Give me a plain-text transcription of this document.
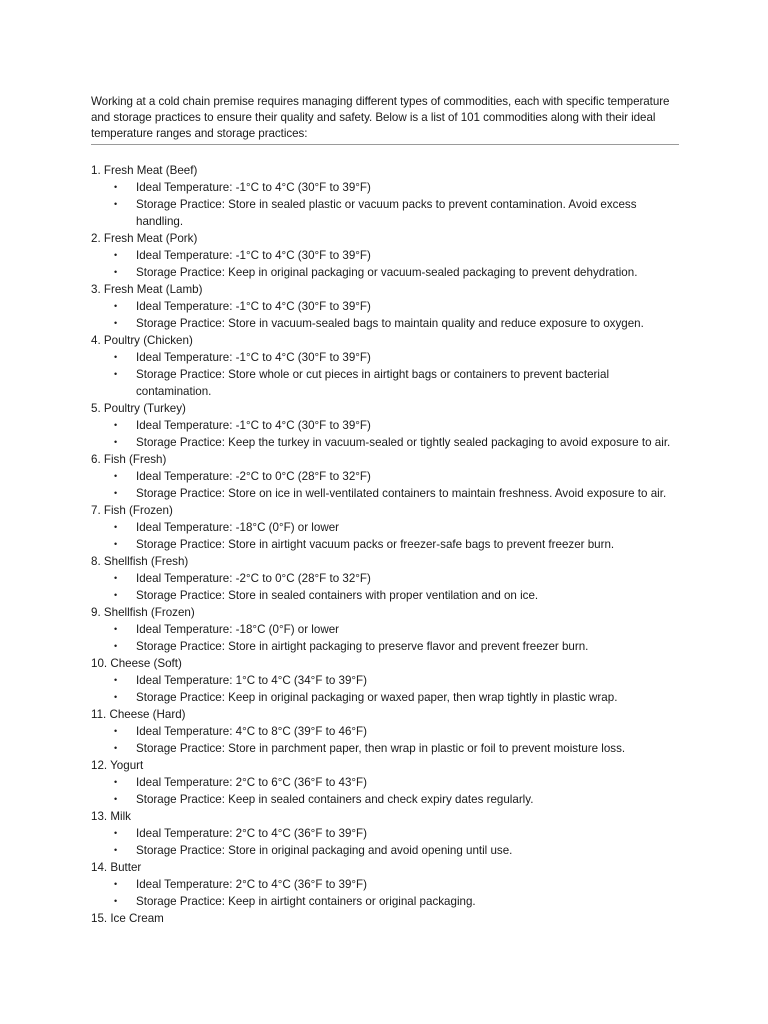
Working at a cold chain premise requires managing different types of commodities, each with specific temperature and storage practices to ensure their quality and safety. Below is a list of 101 commodities along with their ideal temperature ranges and storage practices:

1. Fresh Meat (Beef)
• Ideal Temperature: -1°C to 4°C (30°F to 39°F)
• Storage Practice: Store in sealed plastic or vacuum packs to prevent contamination. Avoid excess handling.
2. Fresh Meat (Pork)
• Ideal Temperature: -1°C to 4°C (30°F to 39°F)
• Storage Practice: Keep in original packaging or vacuum-sealed packaging to prevent dehydration.
3. Fresh Meat (Lamb)
• Ideal Temperature: -1°C to 4°C (30°F to 39°F)
• Storage Practice: Store in vacuum-sealed bags to maintain quality and reduce exposure to oxygen.
4. Poultry (Chicken)
• Ideal Temperature: -1°C to 4°C (30°F to 39°F)
• Storage Practice: Store whole or cut pieces in airtight bags or containers to prevent bacterial contamination.
5. Poultry (Turkey)
• Ideal Temperature: -1°C to 4°C (30°F to 39°F)
• Storage Practice: Keep the turkey in vacuum-sealed or tightly sealed packaging to avoid exposure to air.
6. Fish (Fresh)
• Ideal Temperature: -2°C to 0°C (28°F to 32°F)
• Storage Practice: Store on ice in well-ventilated containers to maintain freshness. Avoid exposure to air.
7. Fish (Frozen)
• Ideal Temperature: -18°C (0°F) or lower
• Storage Practice: Store in airtight vacuum packs or freezer-safe bags to prevent freezer burn.
8. Shellfish (Fresh)
• Ideal Temperature: -2°C to 0°C (28°F to 32°F)
• Storage Practice: Store in sealed containers with proper ventilation and on ice.
9. Shellfish (Frozen)
• Ideal Temperature: -18°C (0°F) or lower
• Storage Practice: Store in airtight packaging to preserve flavor and prevent freezer burn.
10. Cheese (Soft)
• Ideal Temperature: 1°C to 4°C (34°F to 39°F)
• Storage Practice: Keep in original packaging or waxed paper, then wrap tightly in plastic wrap.
11. Cheese (Hard)
• Ideal Temperature: 4°C to 8°C (39°F to 46°F)
• Storage Practice: Store in parchment paper, then wrap in plastic or foil to prevent moisture loss.
12. Yogurt
• Ideal Temperature: 2°C to 6°C (36°F to 43°F)
• Storage Practice: Keep in sealed containers and check expiry dates regularly.
13. Milk
• Ideal Temperature: 2°C to 4°C (36°F to 39°F)
• Storage Practice: Store in original packaging and avoid opening until use.
14. Butter
• Ideal Temperature: 2°C to 4°C (36°F to 39°F)
• Storage Practice: Keep in airtight containers or original packaging.
15. Ice Cream
